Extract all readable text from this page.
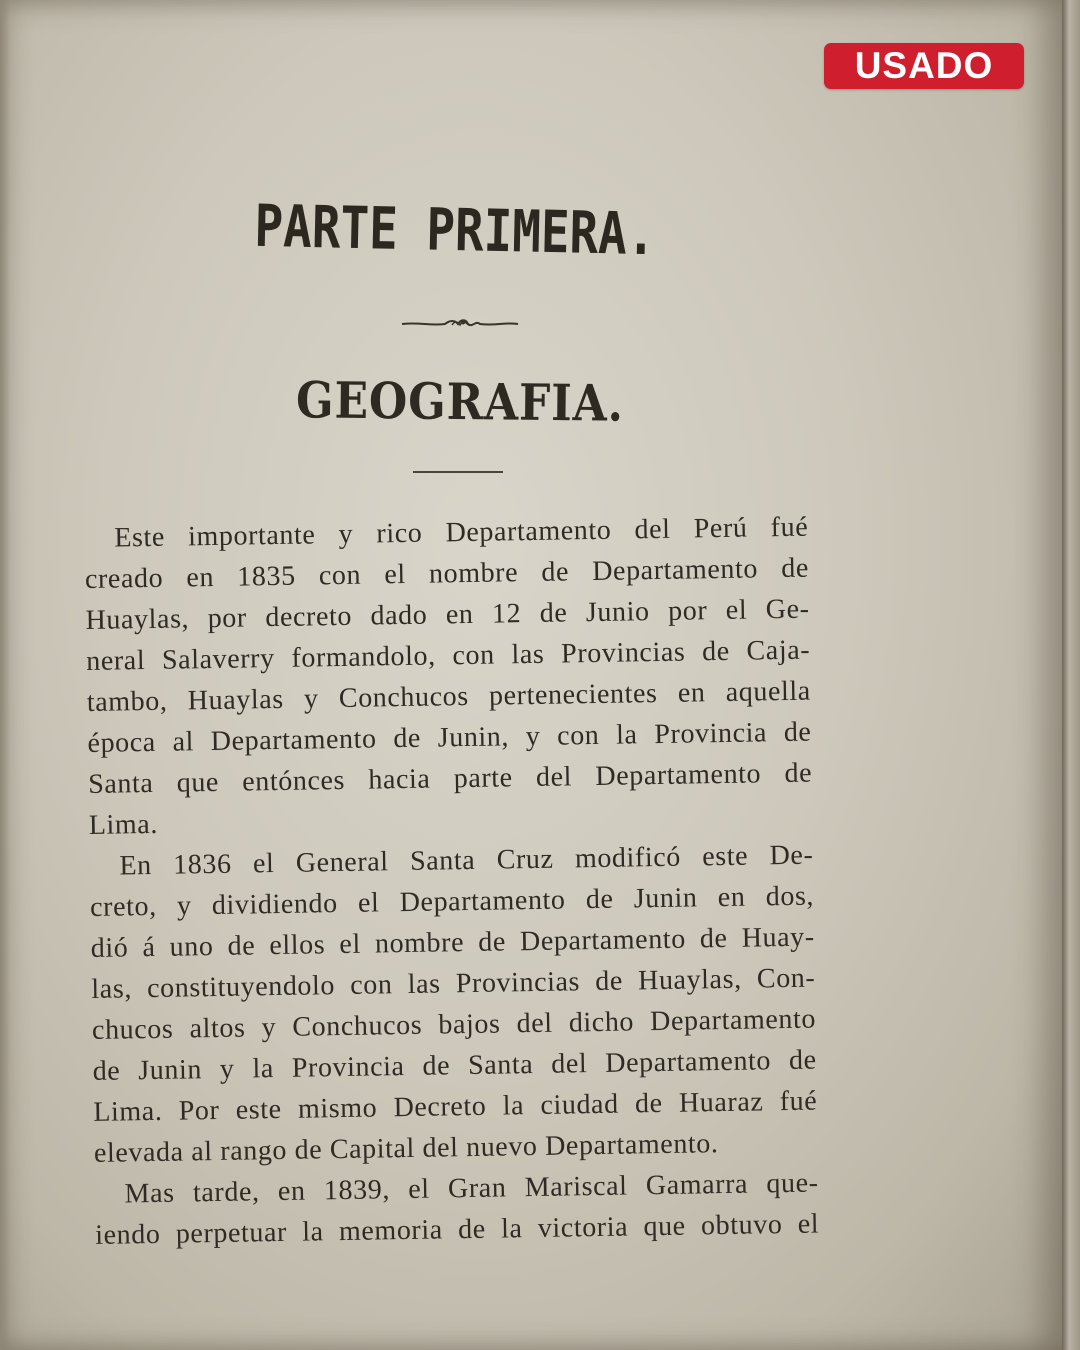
PARTE PRIMERA.
GEOGRAFIA.
Este importante y rico Departamento del Perú fué
creado en 1835 con el nombre de Departamento de
Huaylas, por decreto dado en 12 de Junio por el Ge-
neral Salaverry formandolo, con las Provincias de Caja-
tambo, Huaylas y Conchucos pertenecientes en aquella
época al Departamento de Junin, y con la Provincia de
Santa que entónces hacia parte del Departamento de
Lima.
En 1836 el General Santa Cruz modificó este De-
creto, y dividiendo el Departamento de Junin en dos,
dió á uno de ellos el nombre de Departamento de Huay-
las, constituyendolo con las Provincias de Huaylas, Con-
chucos altos y Conchucos bajos del dicho Departamento
de Junin y la Provincia de Santa del Departamento de
Lima. Por este mismo Decreto la ciudad de Huaraz fué
elevada al rango de Capital del nuevo Departamento.
Mas tarde, en 1839, el Gran Mariscal Gamarra que-
iendo perpetuar la memoria de la victoria que obtuvo el
USADO
